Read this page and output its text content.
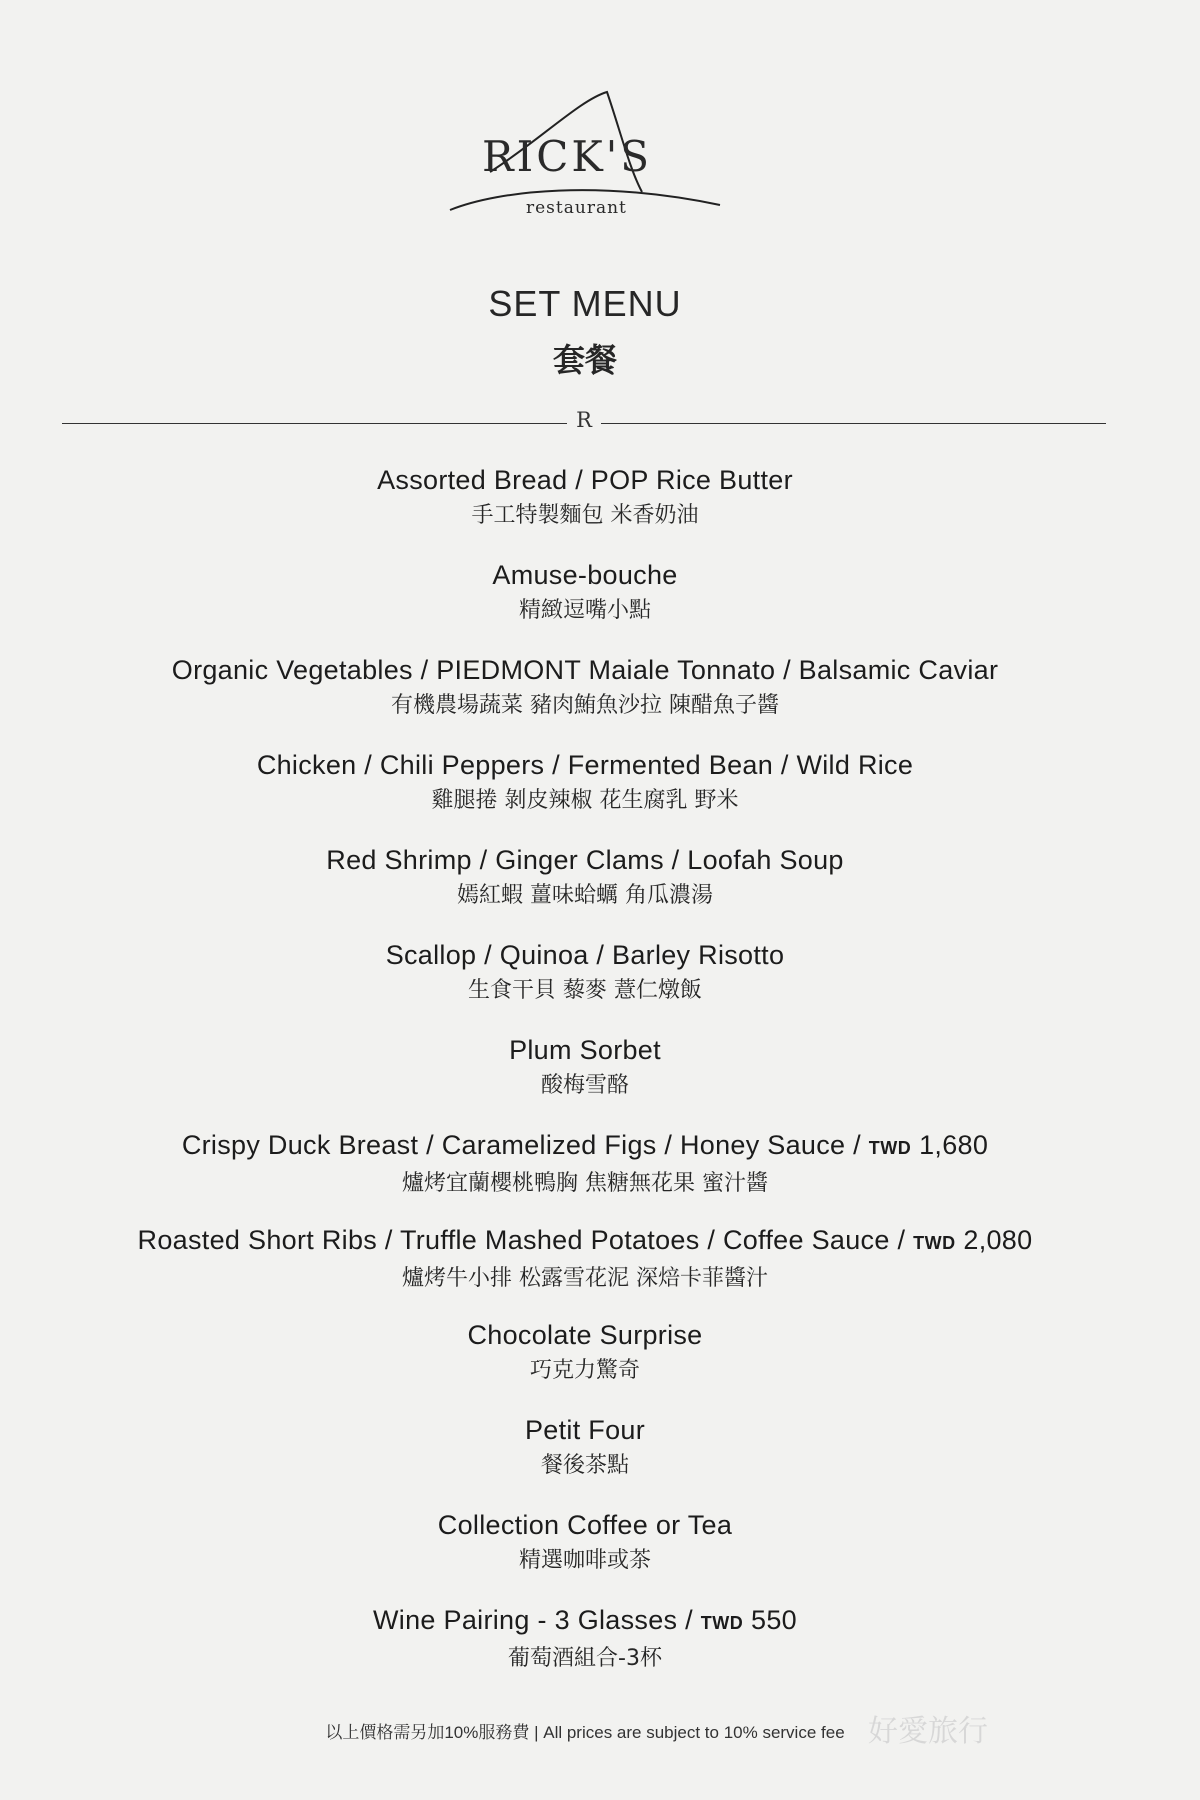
RICK'S
restaurant
SET MENU
套餐
R
Assorted Bread / POP Rice Butter
手工特製麵包 米香奶油
Amuse-bouche
精緻逗嘴小點
Organic Vegetables / PIEDMONT Maiale Tonnato / Balsamic Caviar
有機農場蔬菜 豬肉鮪魚沙拉 陳醋魚子醬
Chicken / Chili Peppers / Fermented Bean / Wild Rice
雞腿捲 剝皮辣椒 花生腐乳 野米
Red Shrimp / Ginger Clams / Loofah Soup
嫣紅蝦 薑味蛤蠣 角瓜濃湯
Scallop / Quinoa / Barley Risotto
生食干貝 藜麥 薏仁燉飯
Plum Sorbet
酸梅雪酪
Crispy Duck Breast / Caramelized Figs / Honey Sauce / TWD 1,680
爐烤宜蘭櫻桃鴨胸 焦糖無花果 蜜汁醬
Roasted Short Ribs / Truffle Mashed Potatoes / Coffee Sauce / TWD 2,080
爐烤牛小排 松露雪花泥 深焙卡菲醬汁
Chocolate Surprise
巧克力驚奇
Petit Four
餐後茶點
Collection Coffee or Tea
精選咖啡或茶
Wine Pairing - 3 Glasses / TWD 550
葡萄酒組合-3杯
以上價格需另加10%服務費 | All prices are subject to 10% service fee 好愛旅行
